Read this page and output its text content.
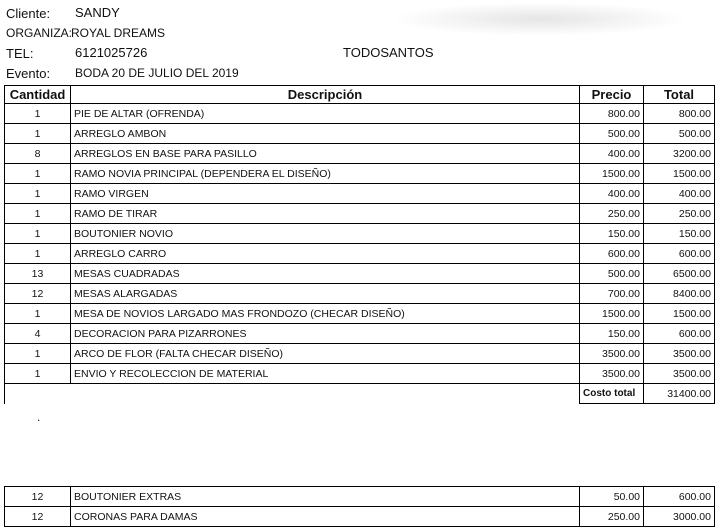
Cliente: SANDY
ORGANIZA:
ROYAL DREAMS
TEL:	6121025726	TODOSANTOS
Evento: BODA 20 DE JULIO DEL 2019
Cantidad	Descripción	Precio	Total
1	PIE DE ALTAR (OFRENDA)	800.00	800.00
1	ARREGLO AMBON	500.00	500.00
8	ARREGLOS EN BASE PARA PASILLO	400.00	3200.00
1	RAMO NOVIA PRINCIPAL (DEPENDERA EL DISEÑO)	1500.00	1500.00
1	RAMO VIRGEN	400.00	400.00
1	RAMO DE TIRAR	250.00	250.00
1	BOUTONIER NOVIO	150.00	150.00
1	ARREGLO CARRO	600.00	600.00
13	MESAS CUADRADAS	500.00	6500.00
12	MESAS ALARGADAS	700.00	8400.00
1	MESA DE NOVIOS LARGADO MAS FRONDOZO (CHECAR DISEÑO)	1500.00	1500.00
4	DECORACION PARA PIZARRONES	150.00	600.00
1	ARCO DE FLOR (FALTA CHECAR DISEÑO)	3500.00	3500.00
1	ENVIO Y RECOLECCION DE MATERIAL	3500.00	3500.00
		Costo total	31400.00
.
12	BOUTONIER EXTRAS	50.00	600.00
12	CORONAS PARA DAMAS	250.00	3000.00
